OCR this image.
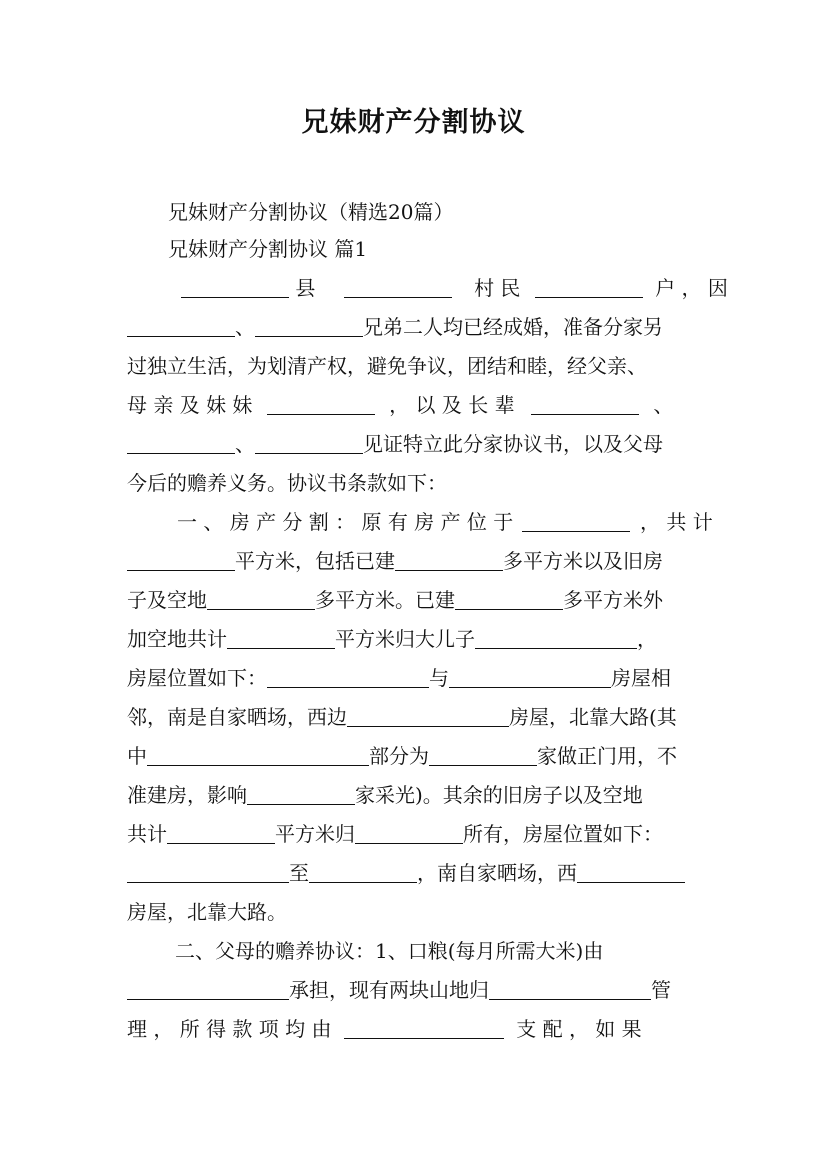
兄妹财产分割协议
兄妹财产分割协议（精选20篇）
兄妹财产分割协议 篇1
县	村 民	户 ， 因
、	兄弟二人均已经成婚，准备分家另
过独立生活，为划清产权，避免争议，团结和睦，经父亲、
母 亲 及 妹 妹	， 以 及 长 辈	、
、	见证特立此分家协议书，以及父母
今后的赡养义务。协议书条款如下：
一 、 房 产 分 割 ： 原 有 房 产 位 于	， 共 计
平方米，包括已建	多平方米以及旧房
子及空地	多平方米。已建	多平方米外
加空地共计	平方米归大儿子	，
房屋位置如下：	与	房屋相
邻，南是自家晒场，西边	房屋，北靠大路(其
中	部分为	家做正门用，不
准建房，影响	家采光)。其余的旧房子以及空地
共计	平方米归	所有，房屋位置如下：
至	，南自家晒场，西
房屋，北靠大路。
二、父母的赡养协议：1、口粮(每月所需大米)由
承担，现有两块山地归	管
理 ， 所 得 款 项 均 由	支 配 ， 如 果
